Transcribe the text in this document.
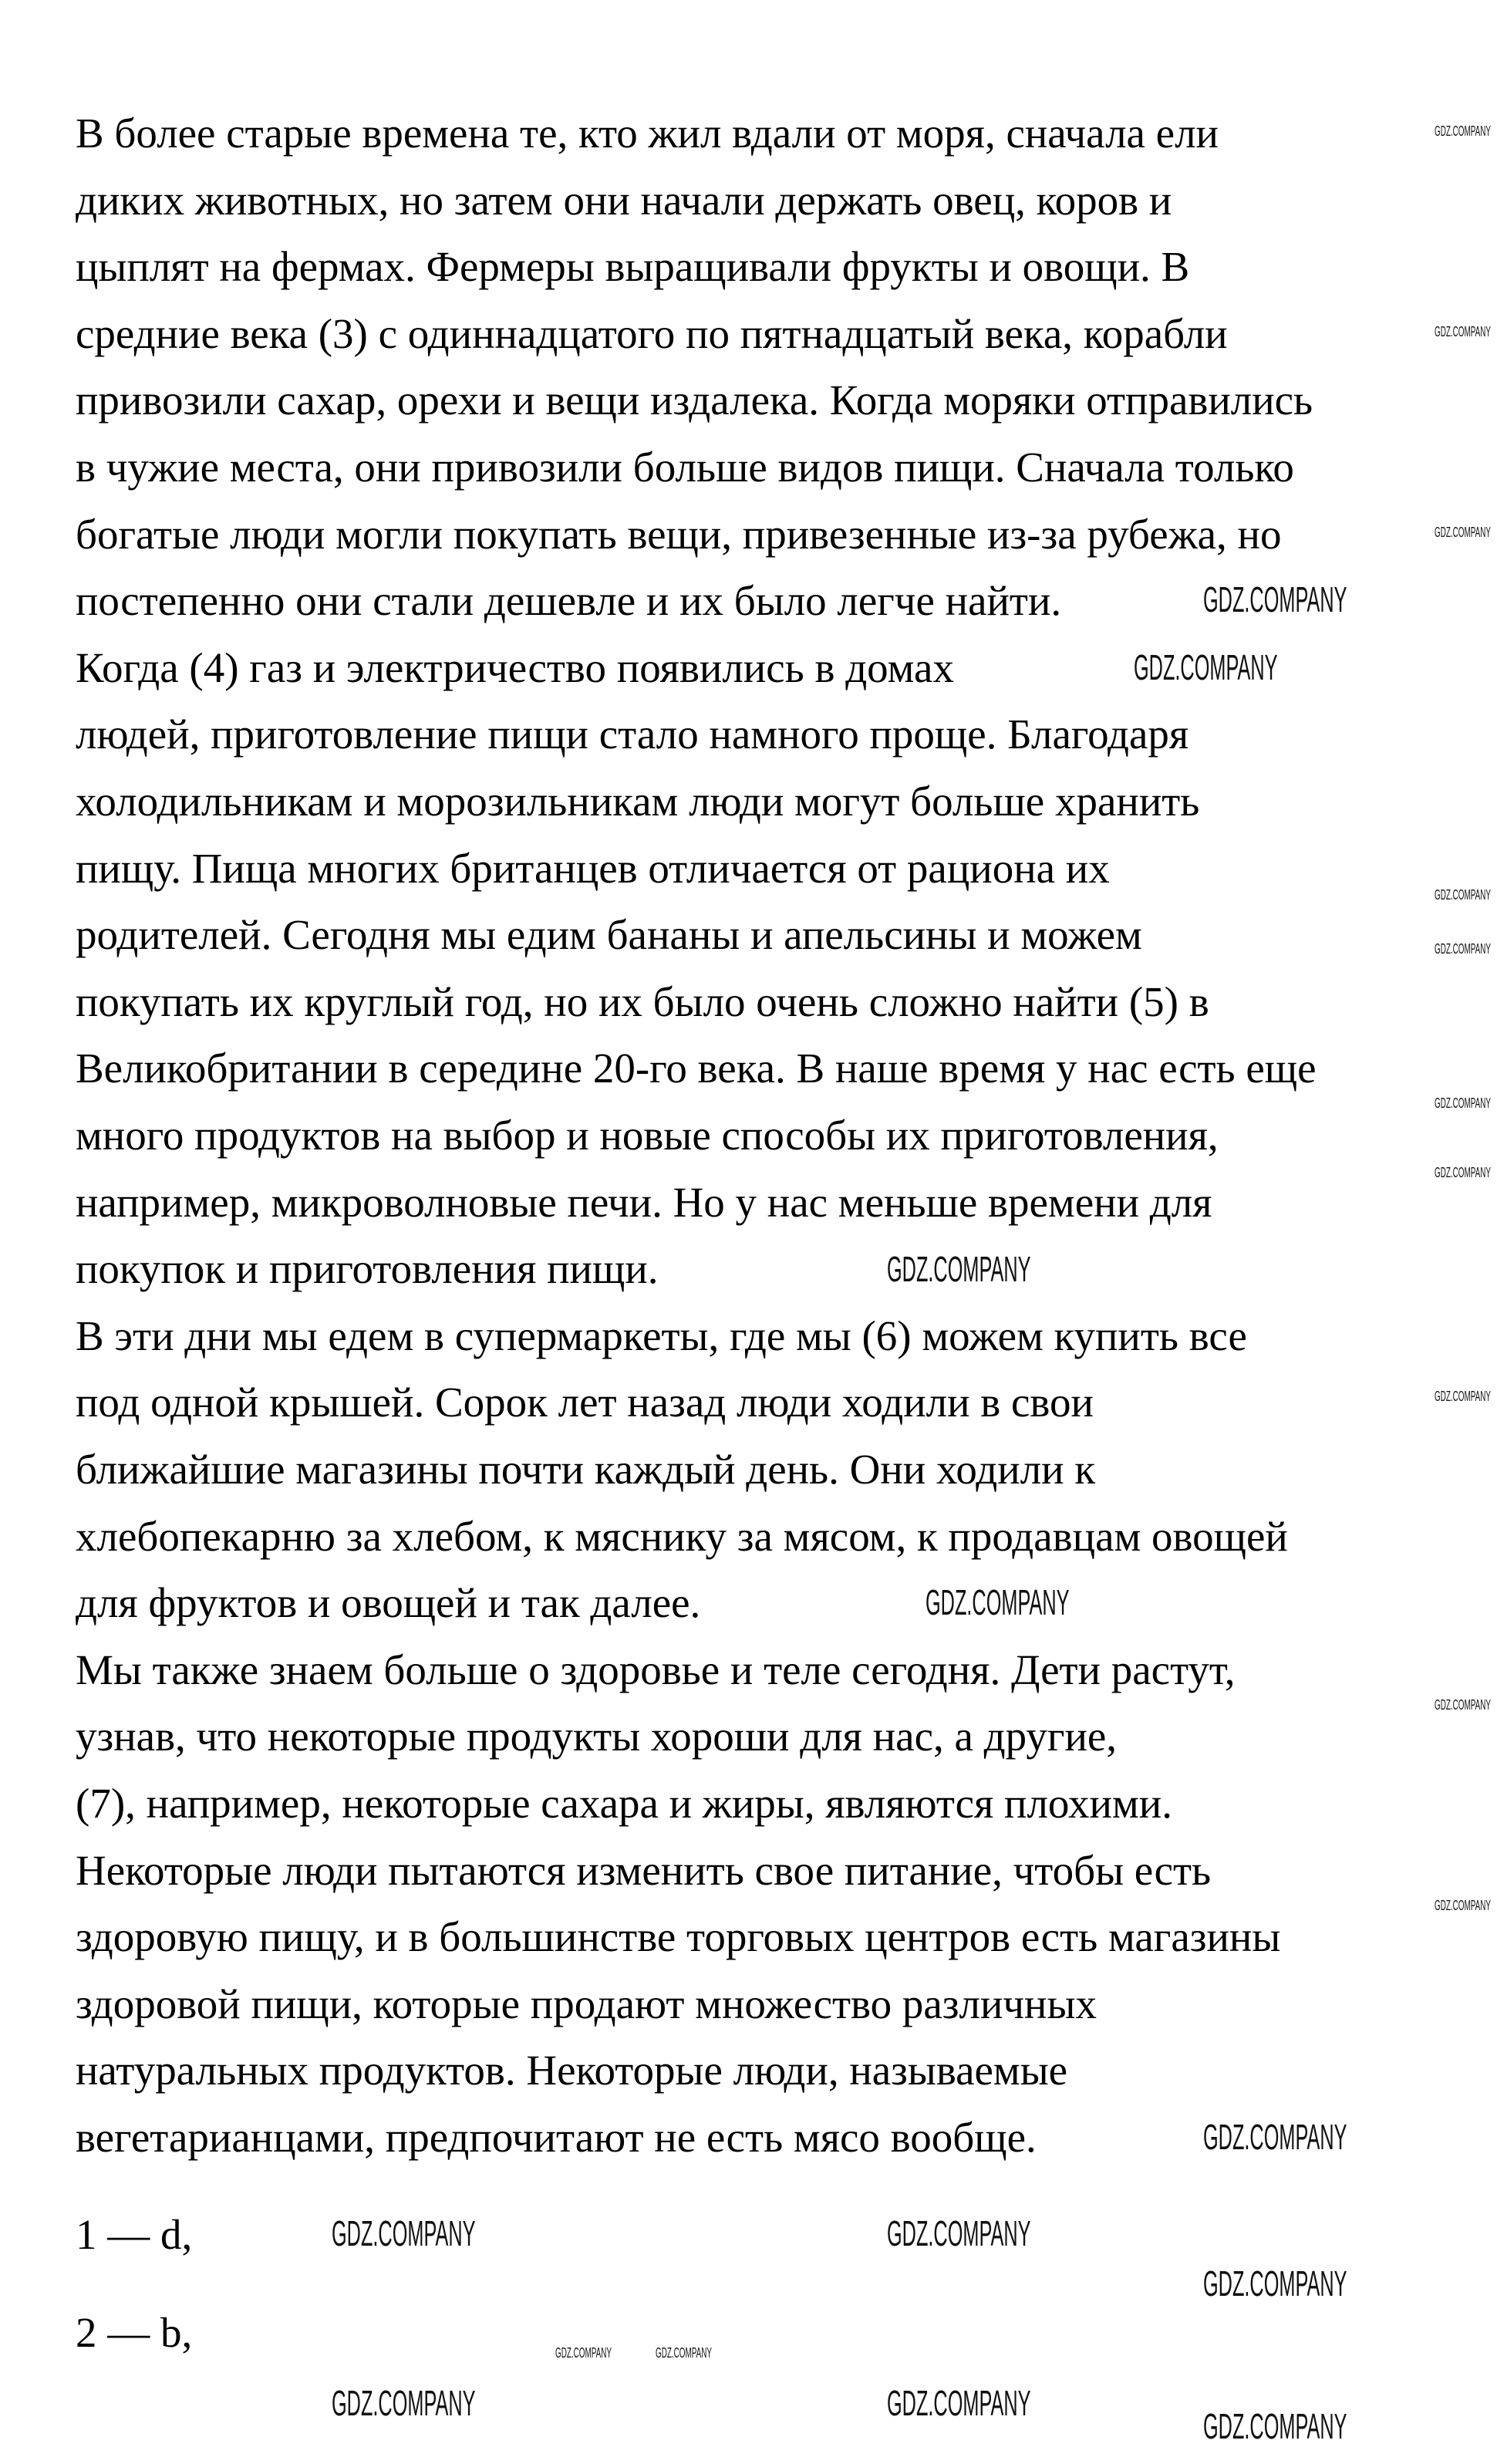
В более старые времена те, кто жил вдали от моря, сначала ели
диких животных, но затем они начали держать овец, коров и
цыплят на фермах. Фермеры выращивали фрукты и овощи. В
средние века (3) с одиннадцатого по пятнадцатый века, корабли
привозили сахар, орехи и вещи издалека. Когда моряки отправились
в чужие места, они привозили больше видов пищи. Сначала только
богатые люди могли покупать вещи, привезенные из-за рубежа, но
постепенно они стали дешевле и их было легче найти.
Когда (4) газ и электричество появились в домах
людей, приготовление пищи стало намного проще. Благодаря
холодильникам и морозильникам люди могут больше хранить
пищу. Пища многих британцев отличается от рациона их
родителей. Сегодня мы едим бананы и апельсины и можем
покупать их круглый год, но их было очень сложно найти (5) в
Великобритании в середине 20-го века. В наше время у нас есть еще
много продуктов на выбор и новые способы их приготовления,
например, микроволновые печи. Но у нас меньше времени для
покупок и приготовления пищи.
В эти дни мы едем в супермаркеты, где мы (6) можем купить все
под одной крышей. Сорок лет назад люди ходили в свои
ближайшие магазины почти каждый день. Они ходили к
хлебопекарню за хлебом, к мяснику за мясом, к продавцам овощей
для фруктов и овощей и так далее.
Мы также знаем больше о здоровье и теле сегодня. Дети растут,
узнав, что некоторые продукты хороши для нас, а другие,
(7), например, некоторые сахара и жиры, являются плохими.
Некоторые люди пытаются изменить свое питание, чтобы есть
здоровую пищу, и в большинстве торговых центров есть магазины
здоровой пищи, которые продают множество различных
натуральных продуктов. Некоторые люди, называемые
вегетарианцами, предпочитают не есть мясо вообще.
1 — d,
2 — b,
GDZ.COMPANY
GDZ.COMPANY
GDZ.COMPANY
GDZ.COMPANY
GDZ.COMPANY
GDZ.COMPANY	GDZ.COMPANY
GDZ.COMPANY
GDZ.COMPANY	GDZ.COMPANY
GDZ.COMPANY
GDZ.COMPANY
GDZ.COMPANY
GDZ.COMPANY
GDZ.COMPANY
GDZ.COMPANY
GDZ.COMPANY
GDZ.COMPANY
GDZ.COMPANY
GDZ.COMPANY
GDZ.COMPANY
GDZ.COMPANY	GDZ.COMPANY
